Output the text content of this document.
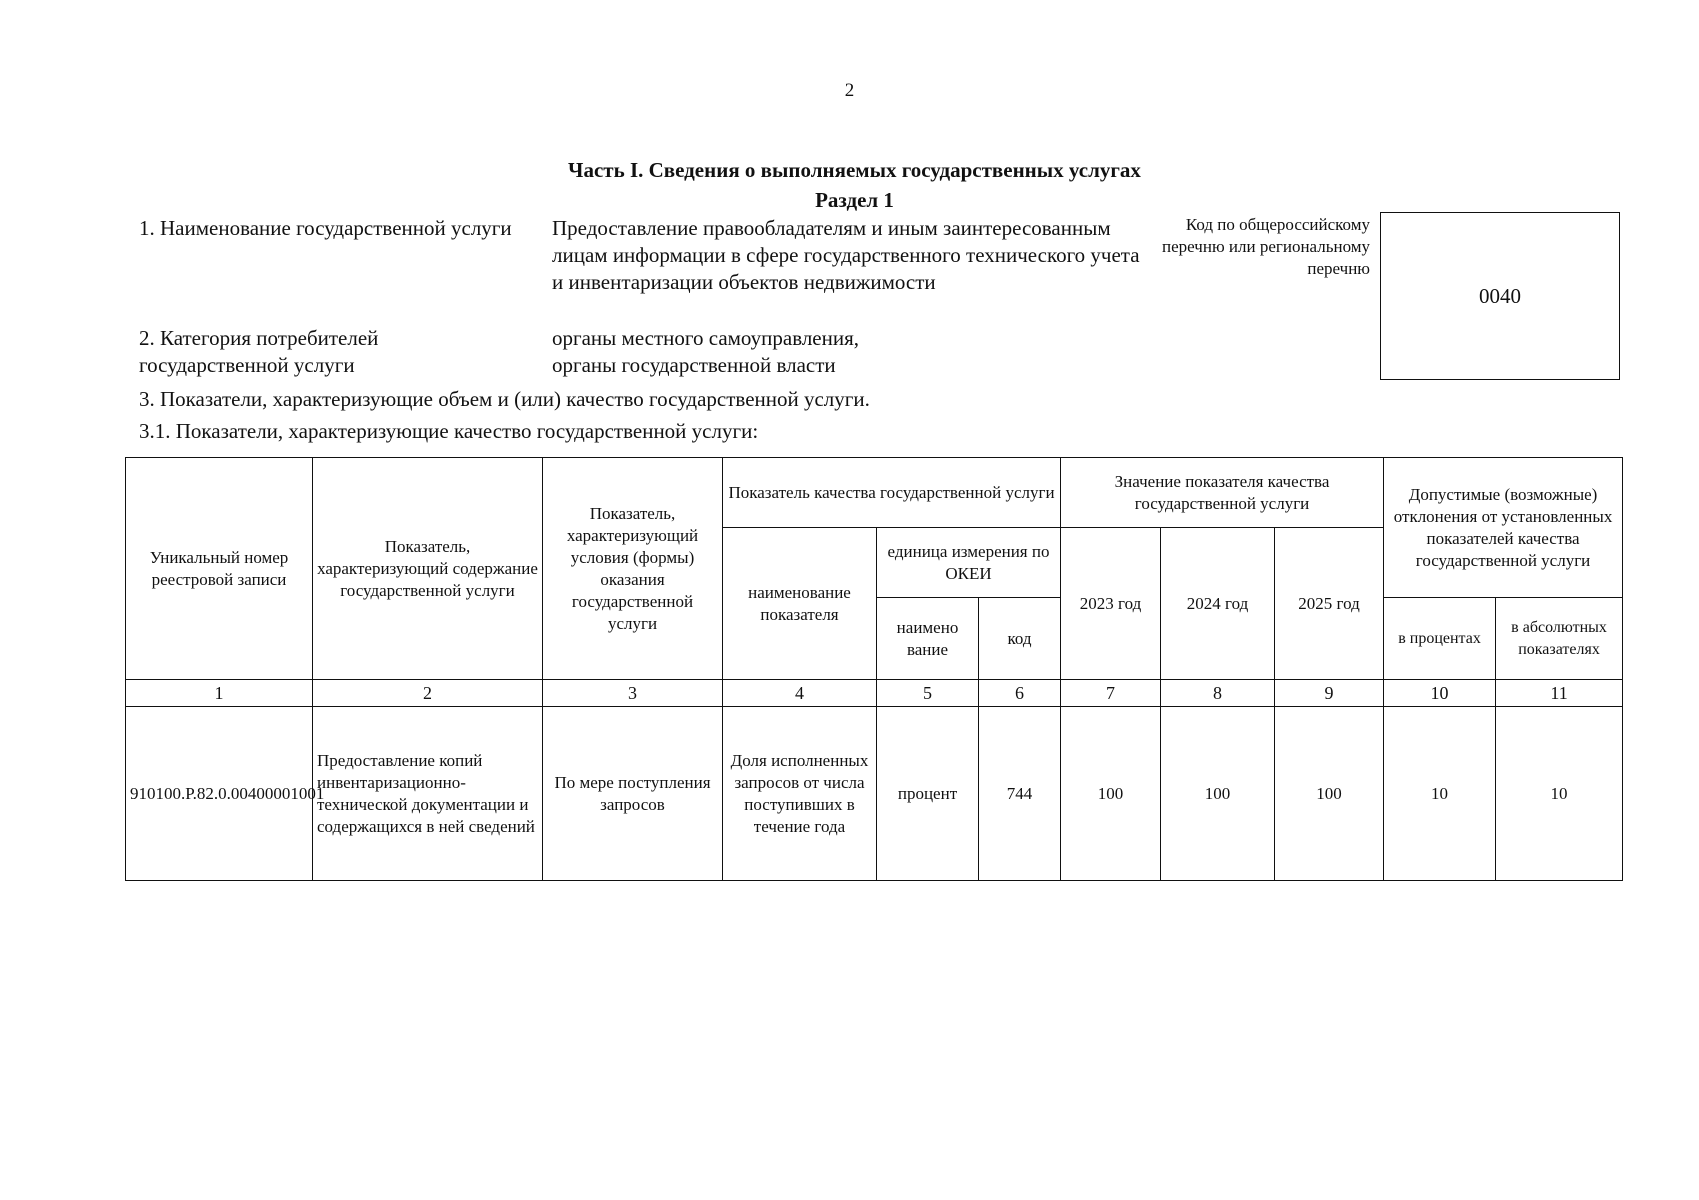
2
Часть I. Сведения о выполняемых государственных услугах
Раздел 1
1. Наименование государственной услуги	Предоставление правообладателям и иным заинтересованным лицам информации в сфере государственного технического учета и инвентаризации объектов недвижимости
2. Категория потребителей государственной услуги
органы местного самоуправления,
органы государственной власти
Код по общероссийскому перечню или региональному перечню
0040
3. Показатели, характеризующие объем и (или) качество государственной услуги.
3.1. Показатели, характеризующие качество государственной услуги:
Уникальный номер реестровой записи	Показатель, характеризующий содержание государственной услуги	Показатель, характеризующий условия (формы) оказания государственной услуги	Показатель качества государственной услуги			Значение показателя качества государственной услуги			Допустимые (возможные) отклонения от установленных показателей качества государственной услуги	
			наименование показателя	единица измерения по ОКЕИ		2023 год	2024 год	2025 год		
				наимено вание	код				в процентах	в абсолютных показателях
1	2	3	4	5	6	7	8	9	10	11
910100.Р.82.0.00400001001	Предоставление копий инвентаризационно-технической документации и содержащихся в ней сведений	По мере поступления запросов	Доля исполненных запросов от числа поступивших в течение года	процент	744	100	100	100	10	10
